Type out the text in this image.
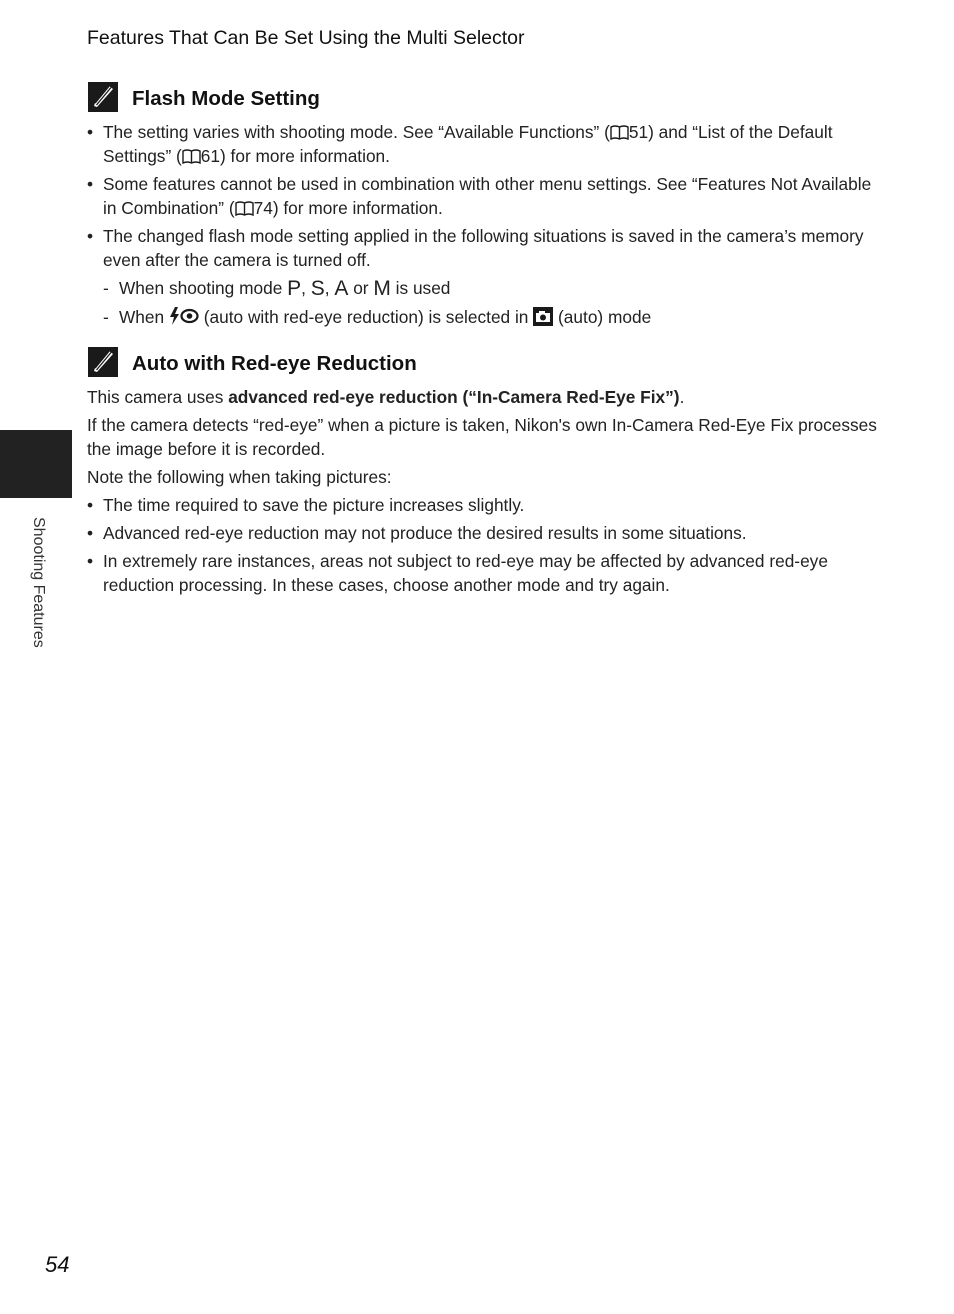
Features That Can Be Set Using the Multi Selector
Flash Mode Setting
• The setting varies with shooting mode. See “Available Functions” ( 51) and “List of the Default Settings” ( 61) for more information.
• Some features cannot be used in combination with other menu settings. See “Features Not Available in Combination” ( 74) for more information.
• The changed flash mode setting applied in the following situations is saved in the camera’s memory even after the camera is turned off.
- When shooting mode P, S, A or M is used
- When  (auto with red-eye reduction) is selected in  (auto) mode
Auto with Red-eye Reduction

This camera uses advanced red-eye reduction (“In-Camera Red-Eye Fix”).

If the camera detects “red-eye” when a picture is taken, Nikon's own In-Camera Red-Eye Fix processes the image before it is recorded.

Note the following when taking pictures:

• The time required to save the picture increases slightly.
• Advanced red-eye reduction may not produce the desired results in some situations.
• In extremely rare instances, areas not subject to red-eye may be affected by advanced red-eye reduction processing. In these cases, choose another mode and try again.
Shooting Features
54
